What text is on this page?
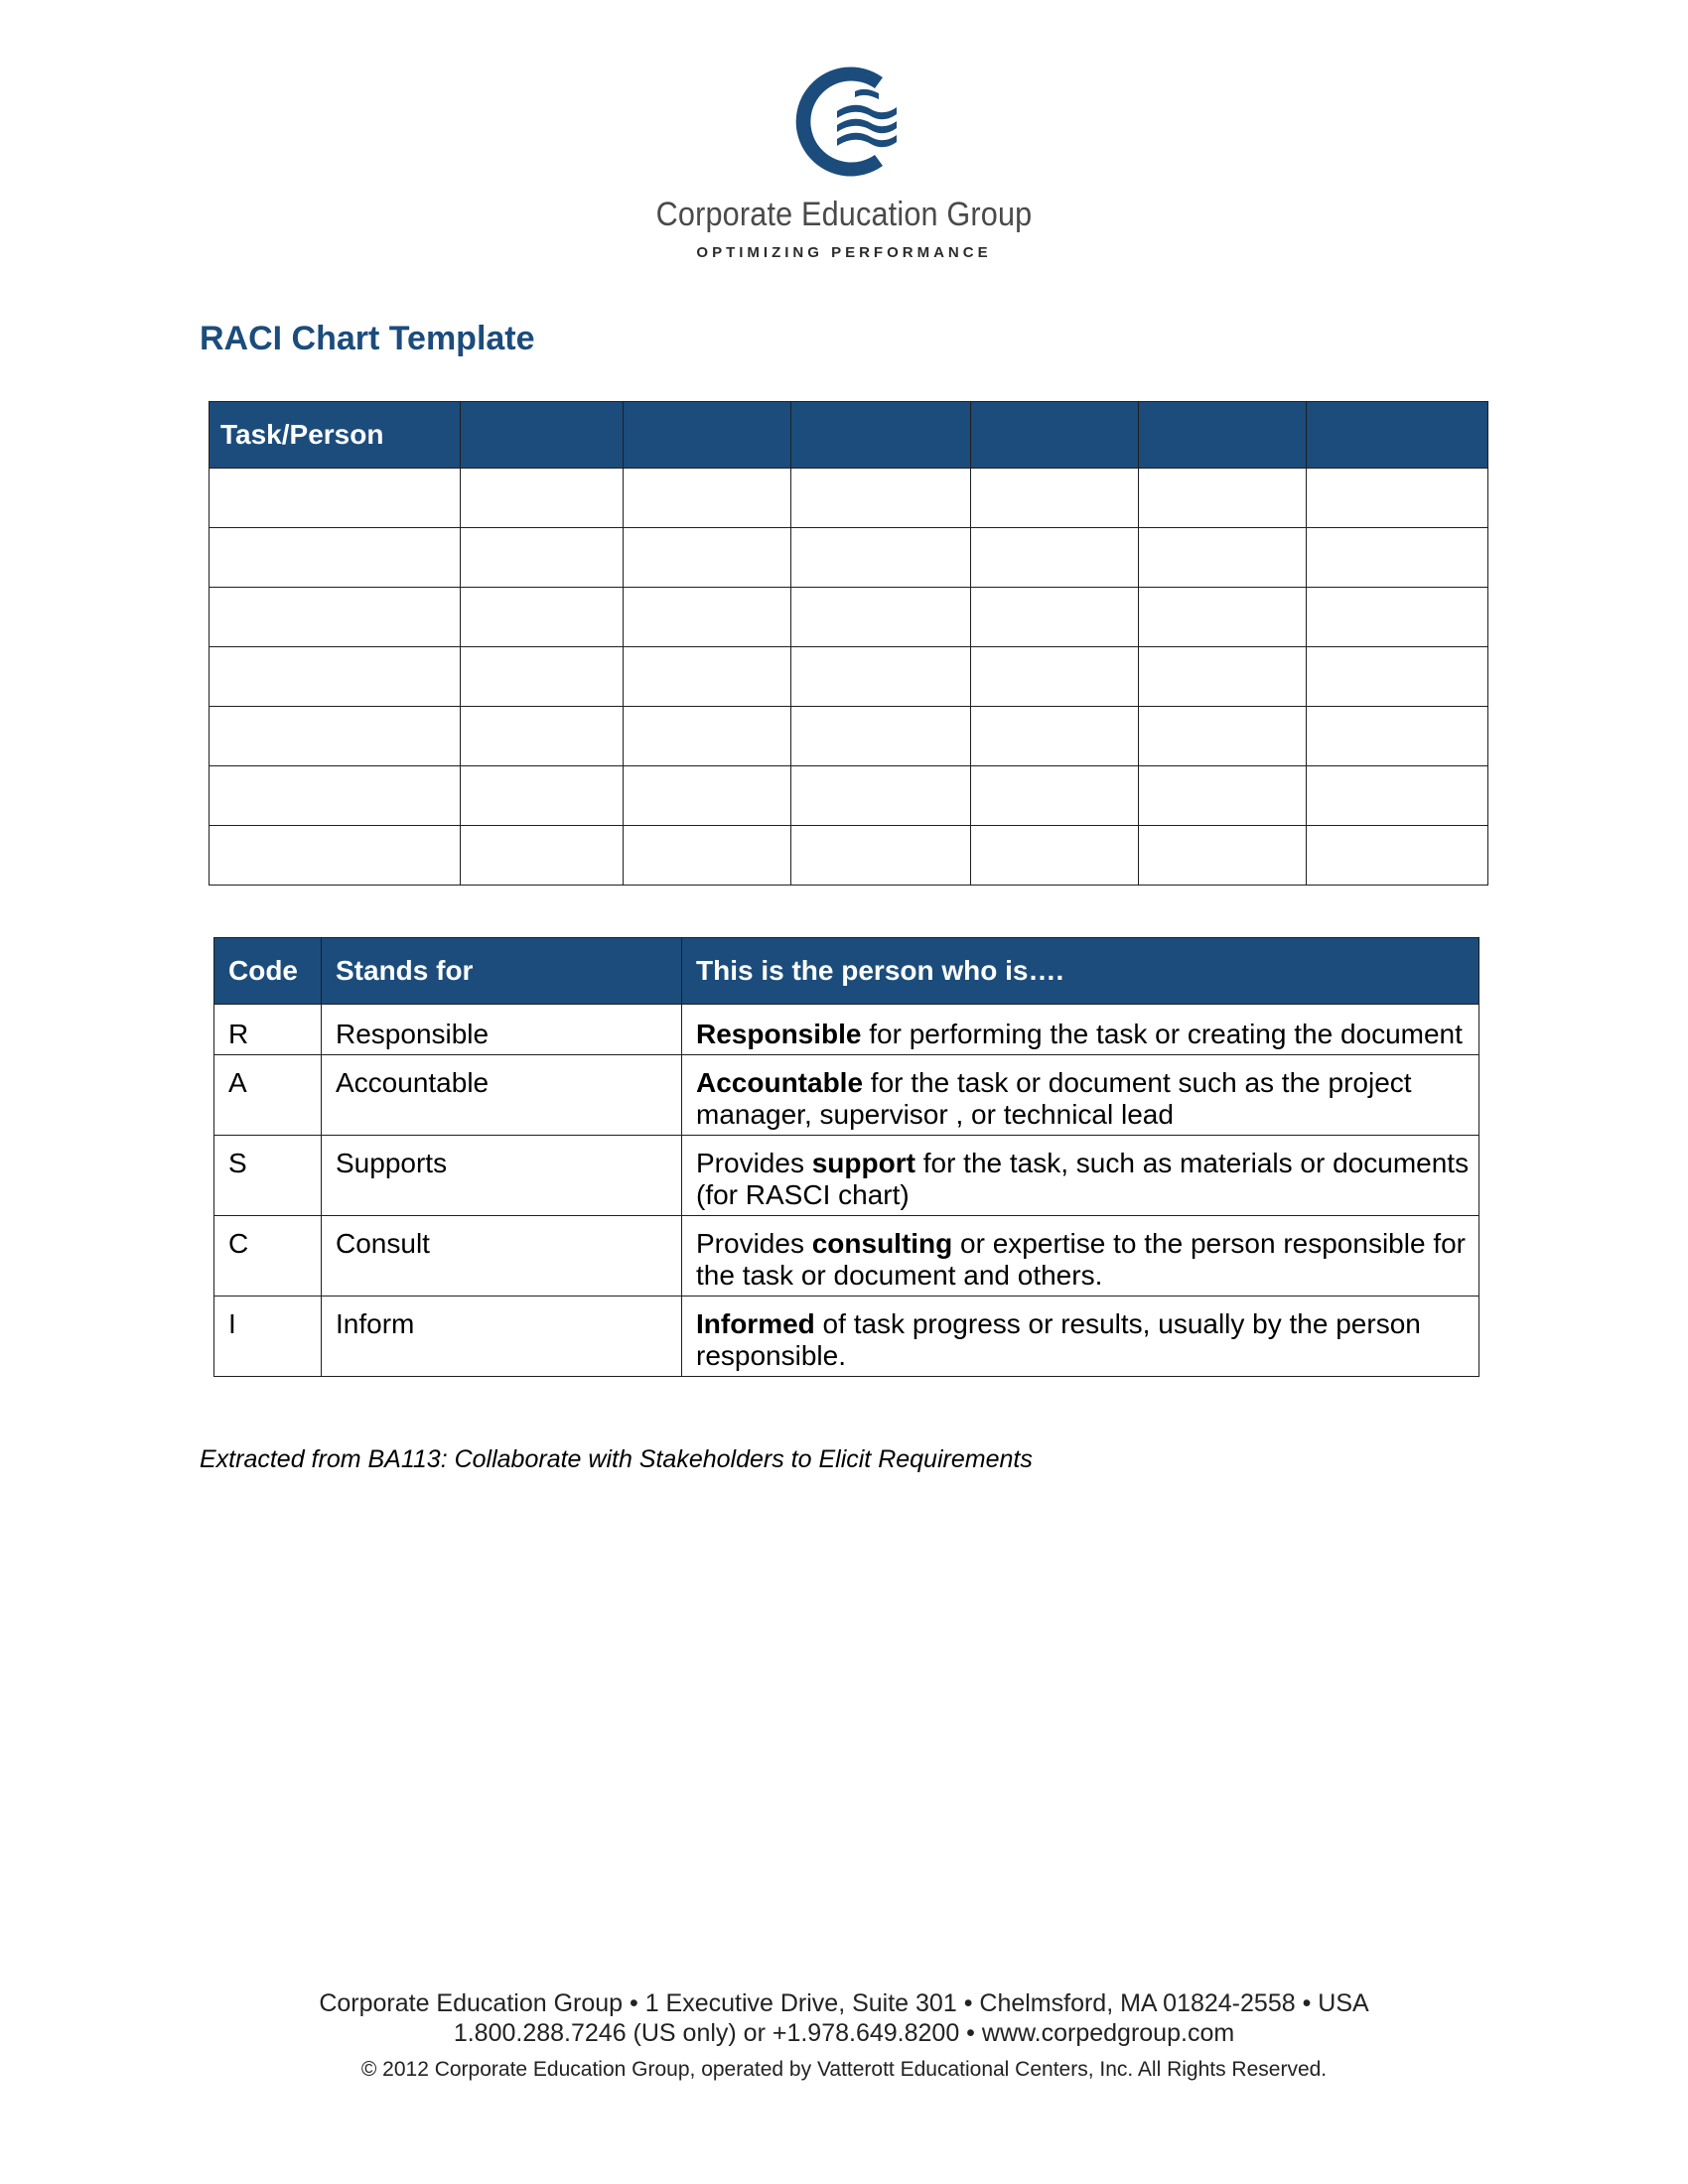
Corporate Education Group
OPTIMIZING PERFORMANCE
RACI Chart Template
Task/Person						

Code	Stands for	This is the person who is….
R	Responsible	Responsible for performing the task or creating the document
A	Accountable	Accountable for the task or document such as the project manager, supervisor , or technical lead
S	Supports	Provides support for the task, such as materials or documents (for RASCI chart)
C	Consult	Provides consulting or expertise to the person responsible for the task or document and others.
I	Inform	Informed of task progress or results, usually by the person responsible.

Extracted from BA113: Collaborate with Stakeholders to Elicit Requirements

Corporate Education Group • 1 Executive Drive, Suite 301 • Chelmsford, MA 01824-2558 • USA
1.800.288.7246 (US only) or +1.978.649.8200 • www.corpedgroup.com
© 2012 Corporate Education Group, operated by Vatterott Educational Centers, Inc. All Rights Reserved.
